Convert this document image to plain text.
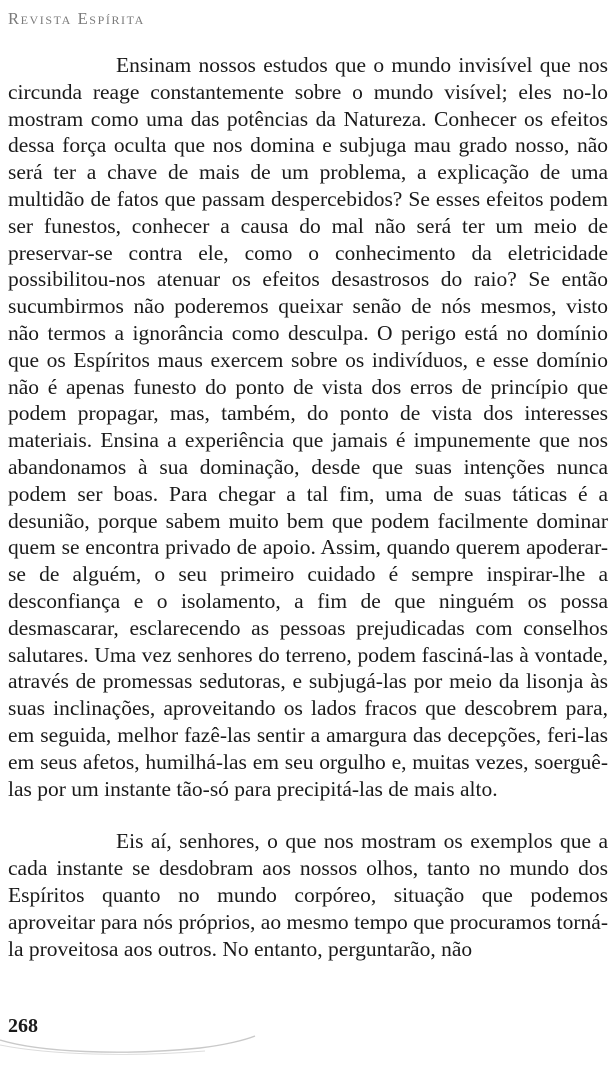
Revista Espírita

Ensinam nossos estudos que o mundo invisível que nos circunda reage constantemente sobre o mundo visível; eles no-lo mostram como uma das potências da Natureza. Conhecer os efeitos dessa força oculta que nos domina e subjuga mau grado nosso, não será ter a chave de mais de um problema, a explicação de uma multidão de fatos que passam despercebidos? Se esses efeitos podem ser funestos, conhecer a causa do mal não será ter um meio de preservar-se contra ele, como o conhecimento da eletricidade possibilitou-nos atenuar os efeitos desastrosos do raio? Se então sucumbirmos não poderemos queixar senão de nós mesmos, visto não termos a ignorância como desculpa. O perigo está no domínio que os Espíritos maus exercem sobre os indivíduos, e esse domínio não é apenas funesto do ponto de vista dos erros de princípio que podem propagar, mas, também, do ponto de vista dos interesses materiais. Ensina a experiência que jamais é impunemente que nos abandonamos à sua dominação, desde que suas intenções nunca podem ser boas. Para chegar a tal fim, uma de suas táticas é a desunião, porque sabem muito bem que podem facilmente dominar quem se encontra privado de apoio. Assim, quando querem apoderar-se de alguém, o seu primeiro cuidado é sempre inspirar-lhe a desconfiança e o isolamento, a fim de que ninguém os possa desmascarar, esclarecendo as pessoas prejudicadas com conselhos salutares. Uma vez senhores do terreno, podem fasciná-las à vontade, através de promessas sedutoras, e subjugá-las por meio da lisonja às suas inclinações, aproveitando os lados fracos que descobrem para, em seguida, melhor fazê-las sentir a amargura das decepções, feri-las em seus afetos, humilhá-las em seu orgulho e, muitas vezes, soerguê-las por um instante tão-só para precipitá-las de mais alto.

Eis aí, senhores, o que nos mostram os exemplos que a cada instante se desdobram aos nossos olhos, tanto no mundo dos Espíritos quanto no mundo corpóreo, situação que podemos aproveitar para nós próprios, ao mesmo tempo que procuramos torná-la proveitosa aos outros. No entanto, perguntarão, não

268
